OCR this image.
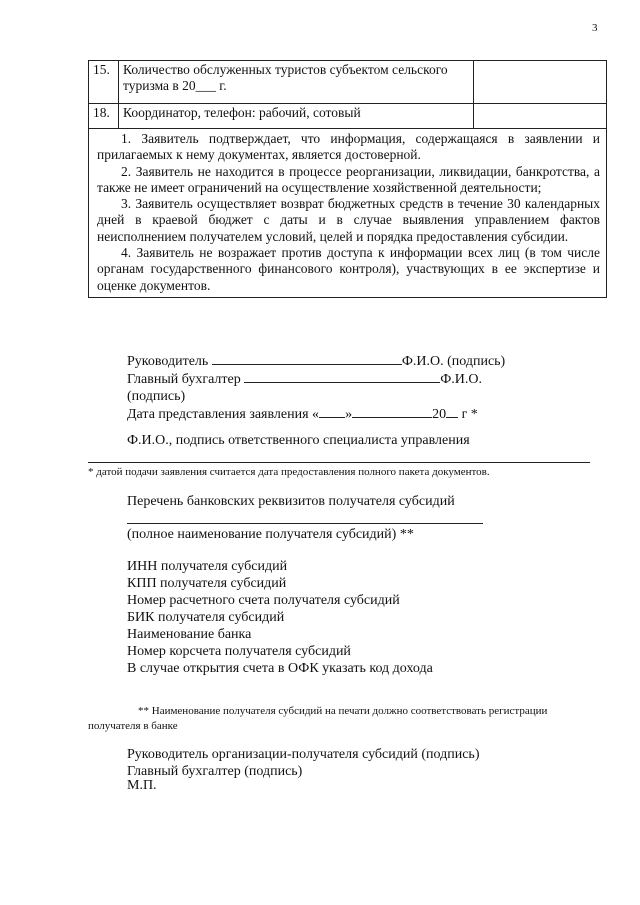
3
15.	Количество обслуженных туристов субъектом сельского туризма в 20___ г.	
18.	Координатор, телефон: рабочий, сотовый	

1. Заявитель подтверждает, что информация, содержащаяся в заявлении и прилагаемых к нему документах, является достоверной.

2. Заявитель не находится в процессе реорганизации, ликвидации, банкротства, а также не имеет ограничений на осуществление хозяйственной деятельности;

3. Заявитель осуществляет возврат бюджетных средств в течение 30 календарных дней в краевой бюджет с даты и в случае выявления управлением фактов неисполнением получателем условий, целей и порядка предоставления субсидии.

4. Заявитель не возражает против доступа к информации всех лиц (в том числе органам государственного финансового контроля), участвующих в ее экспертизе и оценке документов.		

Руководитель	Ф.И.О. (подпись)
Главный бухгалтер	Ф.И.О.
(подпись)
Дата представления заявления « »	20 г *
Ф.И.О., подпись ответственного специалиста управления
* датой подачи заявления считается дата предоставления полного пакета документов.
Перечень банковских реквизитов получателя субсидий
(полное наименование получателя субсидий) **
ИНН получателя субсидий
КПП получателя субсидий
Номер расчетного счета получателя субсидий
БИК получателя субсидий
Наименование банка
Номер корсчета получателя субсидий
В случае открытия счета в ОФК указать код дохода
** Наименование получателя субсидий на печати должно соответствовать регистрации получателя в банке
Руководитель организации-получателя субсидий (подпись)
Главный бухгалтер (подпись)
М.П.
